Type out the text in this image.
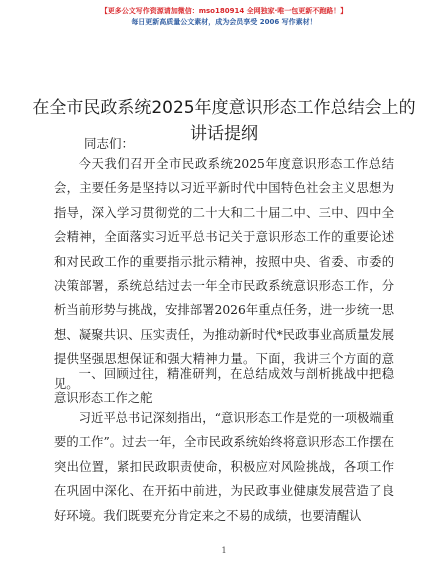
【更多公文写作资源请加微信：mso180914 全网独家·唯一包更新不跑路！】
每日更新高质量公文素材，成为会员享受 2006 写作素材！
在全市民政系统2025年度意识形态工作总结会上的讲话提纲
同志们：

今天我们召开全市民政系统2025年度意识形态工作总结会，主要任务是坚持以习近平新时代中国特色社会主义思想为指导，深入学习贯彻党的二十大和二十届二中、三中、四中全会精神，全面落实习近平总书记关于意识形态工作的重要论述和对民政工作的重要指示批示精神，按照中央、省委、市委的决策部署，系统总结过去一年全市民政系统意识形态工作，分析当前形势与挑战，安排部署2026年重点任务，进一步统一思想、凝聚共识、压实责任，为推动新时代*民政事业高质量发展提供坚强思想保证和强大精神力量。下面，我讲三个方面的意见。

一、回顾过往，精准研判，在总结成效与剖析挑战中把稳意识形态工作之舵

习近平总书记深刻指出，“意识形态工作是党的一项极端重要的工作”。过去一年，全市民政系统始终将意识形态工作摆在突出位置，紧扣民政职责使命，积极应对风险挑战，各项工作在巩固中深化、在开拓中前进，为民政事业健康发展营造了良好环境。我们既要充分肯定来之不易的成绩，也要清醒认

1
